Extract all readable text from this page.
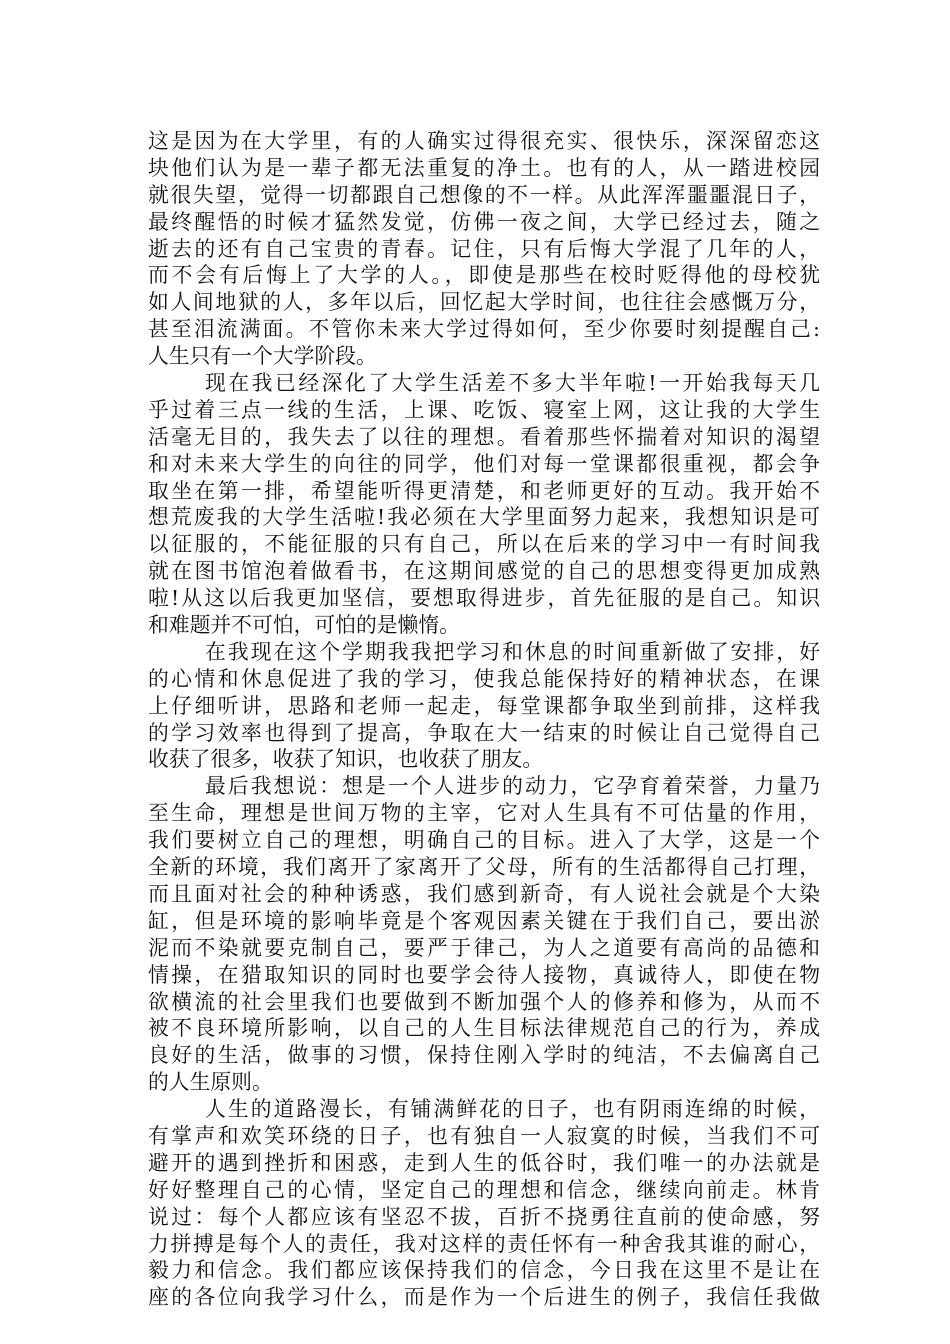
这是因为在大学里，有的人确实过得很充实、很快乐，深深留恋这
块他们认为是一辈子都无法重复的净土。也有的人，从一踏进校园
就很失望，觉得一切都跟自己想像的不一样。从此浑浑噩噩混日子，
最终醒悟的时候才猛然发觉，仿佛一夜之间，大学已经过去，随之
逝去的还有自己宝贵的青春。记住，只有后悔大学混了几年的人，
而不会有后悔上了大学的人。，即使是那些在校时贬得他的母校犹
如人间地狱的人，多年以后，回忆起大学时间，也往往会感慨万分，
甚至泪流满面。不管你未来大学过得如何，至少你要时刻提醒自己:
人生只有一个大学阶段。
现在我已经深化了大学生活差不多大半年啦!一开始我每天几
乎过着三点一线的生活，上课、吃饭、寝室上网，这让我的大学生
活毫无目的，我失去了以往的理想。看着那些怀揣着对知识的渴望
和对未来大学生的向往的同学，他们对每一堂课都很重视，都会争
取坐在第一排，希望能听得更清楚，和老师更好的互动。我开始不
想荒废我的大学生活啦!我必须在大学里面努力起来，我想知识是可
以征服的，不能征服的只有自己，所以在后来的学习中一有时间我
就在图书馆泡着做看书，在这期间感觉的自己的思想变得更加成熟
啦!从这以后我更加坚信，要想取得进步，首先征服的是自己。知识
和难题并不可怕，可怕的是懒惰。
在我现在这个学期我我把学习和休息的时间重新做了安排，好
的心情和休息促进了我的学习，使我总能保持好的精神状态，在课
上仔细听讲，思路和老师一起走，每堂课都争取坐到前排，这样我
的学习效率也得到了提高，争取在大一结束的时候让自己觉得自己
收获了很多，收获了知识，也收获了朋友。
最后我想说：想是一个人进步的动力，它孕育着荣誉，力量乃
至生命，理想是世间万物的主宰，它对人生具有不可估量的作用，
我们要树立自己的理想，明确自己的目标。进入了大学，这是一个
全新的环境，我们离开了家离开了父母，所有的生活都得自己打理，
而且面对社会的种种诱惑，我们感到新奇，有人说社会就是个大染
缸，但是环境的影响毕竟是个客观因素关键在于我们自己，要出淤
泥而不染就要克制自己，要严于律己，为人之道要有高尚的品德和
情操，在猎取知识的同时也要学会待人接物，真诚待人，即使在物
欲横流的社会里我们也要做到不断加强个人的修养和修为，从而不
被不良环境所影响，以自己的人生目标法律规范自己的行为，养成
良好的生活，做事的习惯，保持住刚入学时的纯洁，不去偏离自己
的人生原则。
人生的道路漫长，有铺满鲜花的日子，也有阴雨连绵的时候，
有掌声和欢笑环绕的日子，也有独自一人寂寞的时候，当我们不可
避开的遇到挫折和困惑，走到人生的低谷时，我们唯一的办法就是
好好整理自己的心情，坚定自己的理想和信念，继续向前走。林肯
说过：每个人都应该有坚忍不拔，百折不挠勇往直前的使命感，努
力拼搏是每个人的责任，我对这样的责任怀有一种舍我其谁的耐心，
毅力和信念。我们都应该保持我们的信念，今日我在这里不是让在
座的各位向我学习什么，而是作为一个后进生的例子，我信任我做
